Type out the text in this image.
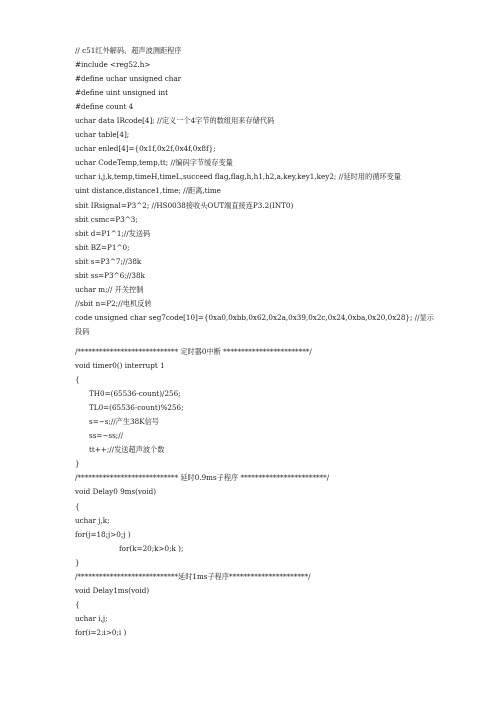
// c51红外解码、超声波测距程序
#include <reg52.h>
#define uchar unsigned char
#define uint unsigned int
#define count 4
uchar data IRcode[4]; //定义一个4字节的数组用来存储代码
uchar table[4];
uchar enled[4]={0x1f,0x2f,0x4f,0x8f};
uchar CodeTemp,temp,tt; //编码字节缓存变量
uchar i,j,k,temp,timeH,timeL,succeed flag,flag,h,h1,h2,a,key,key1,key2; //延时用的循环变量
uint distance,distance1,time; //距离,time
sbit IRsignal=P3^2; //HS0038接收头OUT端直接连P3.2(INT0)
sbit csmc=P3^3;
sbit d=P1^1;//发送码
sbit BZ=P1^0;
sbit s=P3^7;//38k
sbit ss=P3^6;//38k
uchar m;// 开关控制
//sbit n=P2;//电机反转
code unsigned char seg7code[10]={0xa0,0xbb,0x62,0x2a,0x39,0x2c,0x24,0xba,0x20,0x28}; //显示段码
/**************************** 定时器0中断 ************************/
void timer0() interrupt 1
{
TH0=(65536-count)/256;
TL0=(65536-count)%256;
s=~s;//产生38K信号
ss=~ss;//
tt++;//发送超声波个数
}
/**************************** 延时0.9ms子程序 ************************/
void Delay0 9ms(void)
{
uchar j,k;
for(j=18;j>0;j )
for(k=20;k>0;k );
}
/****************************延时1ms子程序**********************/
void Delay1ms(void)
{
uchar i,j;
for(i=2;i>0;i )
